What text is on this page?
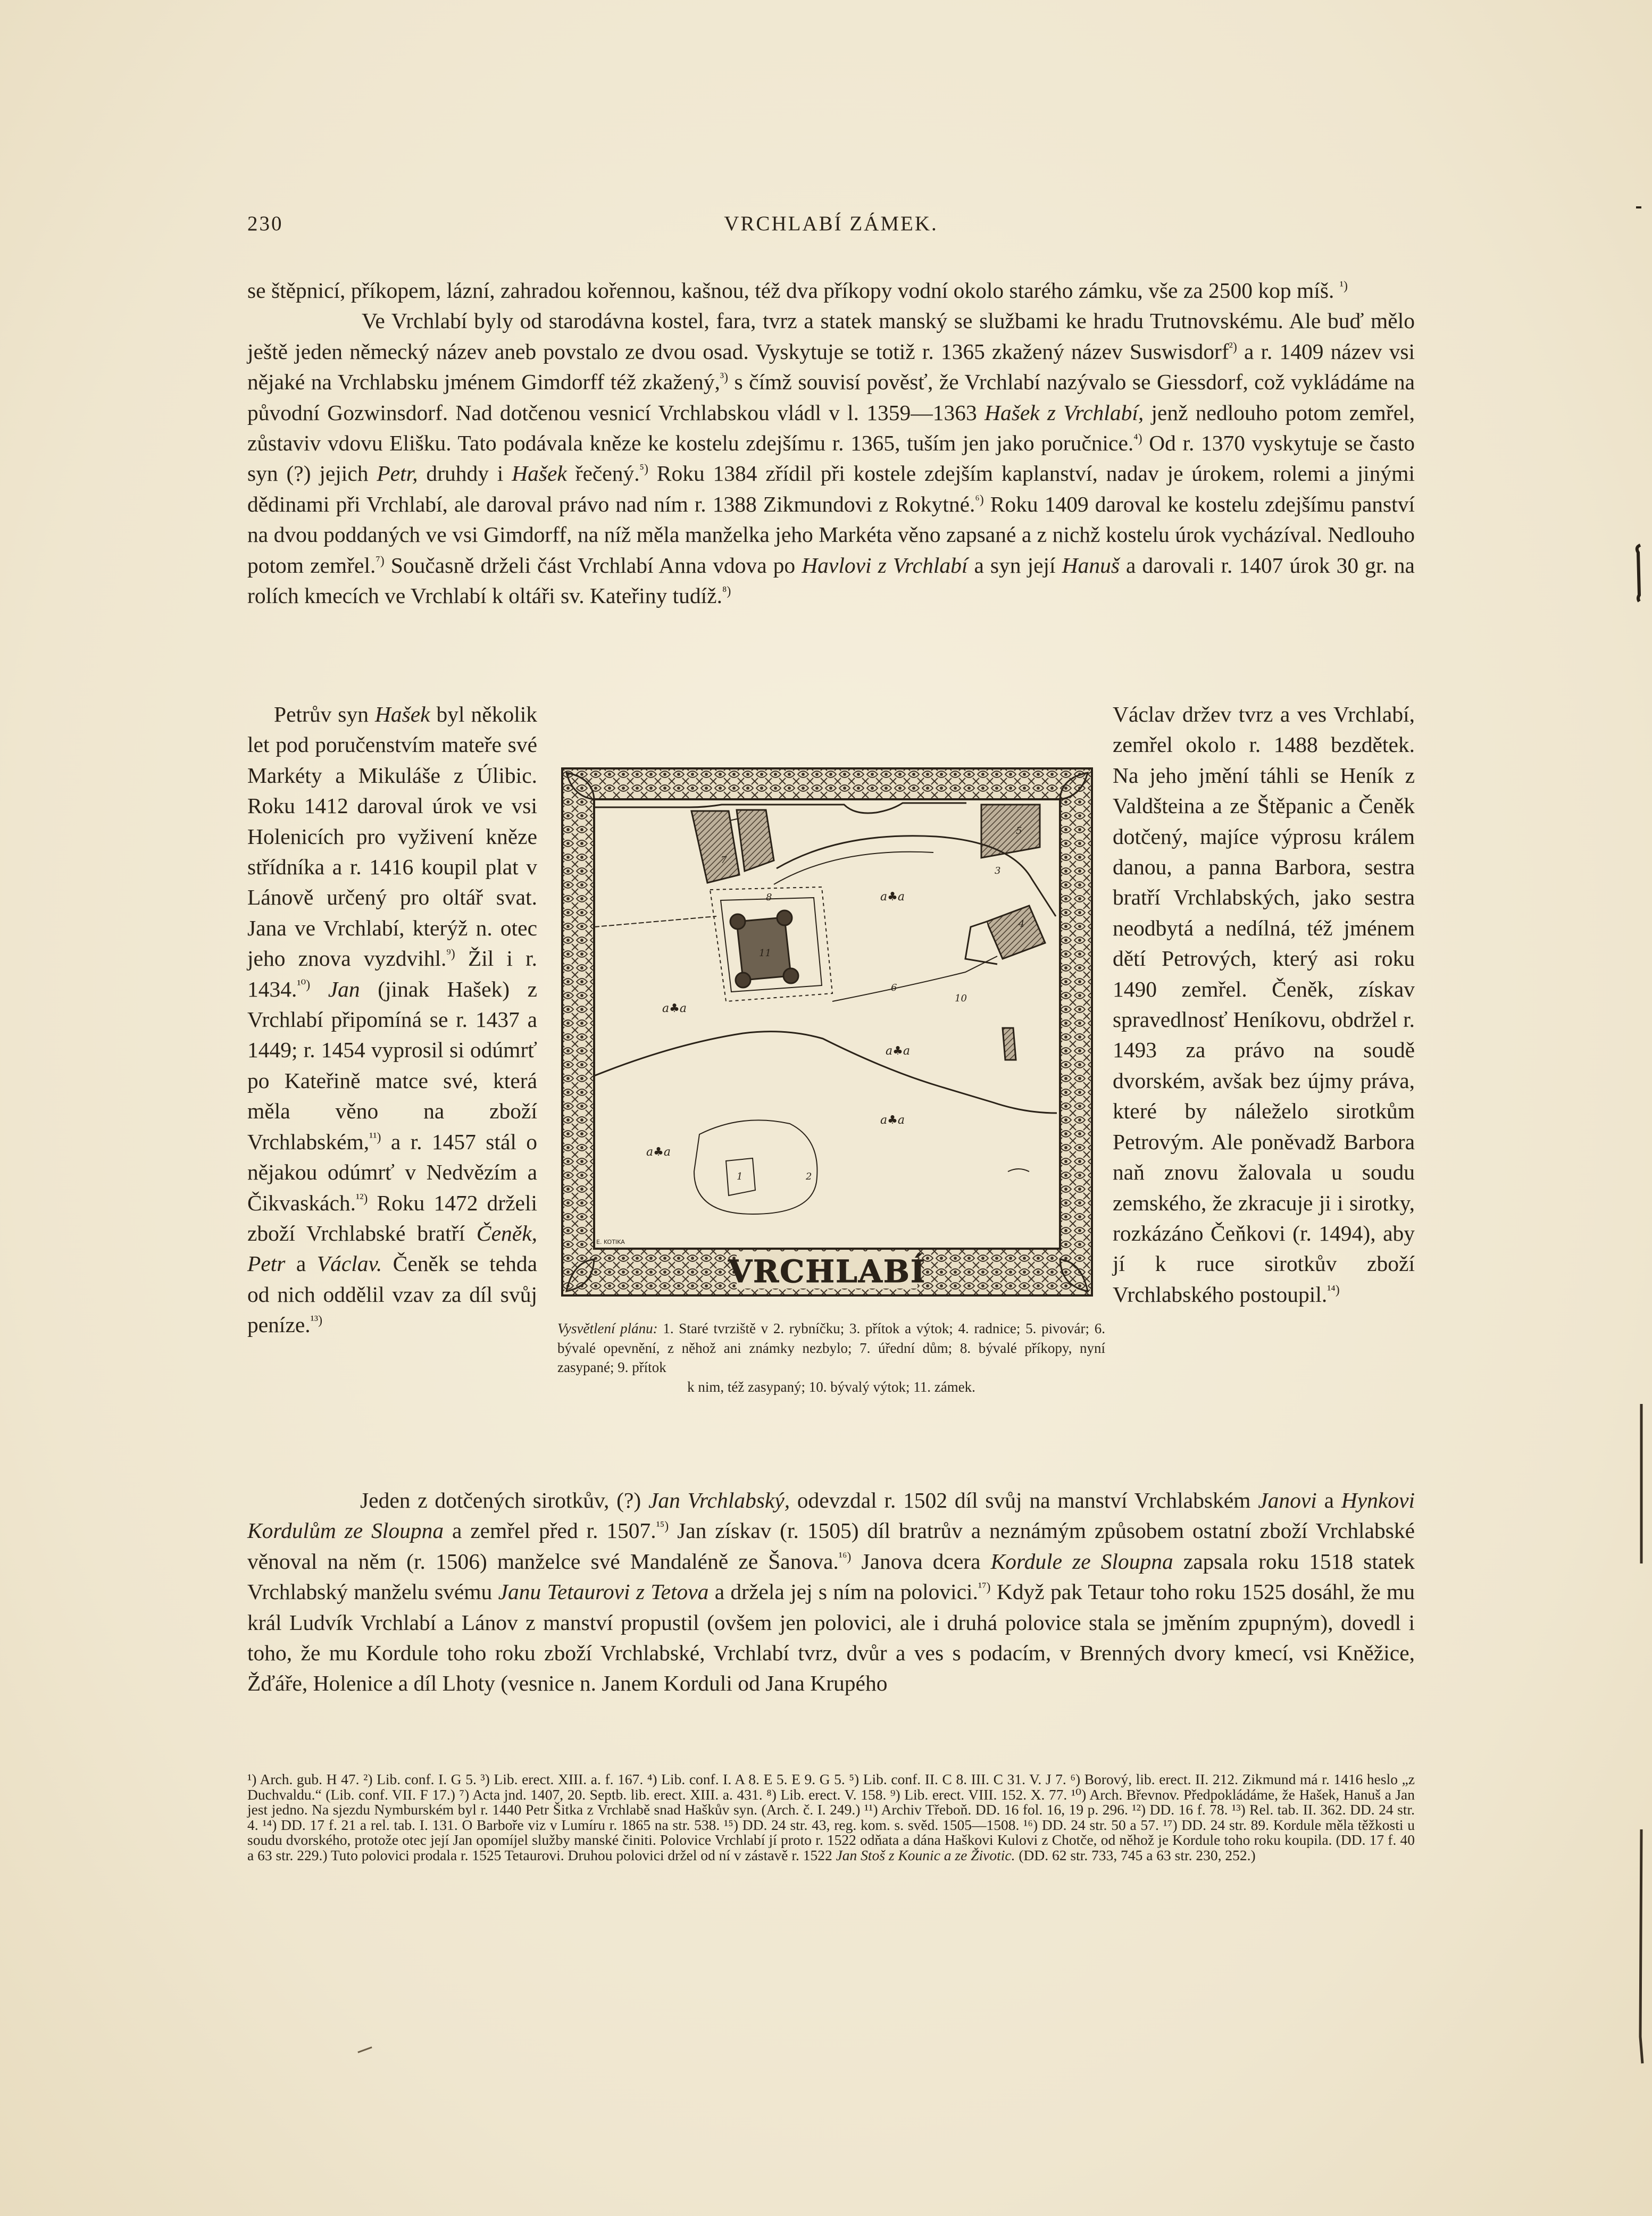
230	VRCHLABÍ ZÁMEK.
se štěpnicí, příkopem, lázní, zahradou kořennou, kašnou, též dva příkopy vodní okolo starého zámku, vše za 2500 kop míš. $^{^1)}$
Ve Vrchlabí byly od starodávna kostel, fara, tvrz a statek manský se službami ke hradu Trutnovskému. Ale buď mělo ještě jeden německý název aneb povstalo ze dvou osad. Vyskytuje se totiž r. 1365 zkažený název Suswisdorf$^{^2)}$ a r. 1409 název vsi nějaké na Vrchlabsku jménem Gimdorff též zkažený,$^{^3)}$ s čímž souvisí pověsť, že Vrchlabí nazývalo se Giessdorf, což vykládáme na původní Gozwinsdorf. Nad dotčenou vesnicí Vrchlabskou vládl v l. 1359—1363 Hašek z Vrchlabí, jenž nedlouho potom zemřel, zůstaviv vdovu Elišku. Tato podávala kněze ke kostelu zdejšímu r. 1365, tuším jen jako poručnice.$^{^4)}$ Od r. 1370 vyskytuje se často syn (?) jejich Petr, druhdy i Hašek řečený.$^{^5)}$ Roku 1384 zřídil při kostele zdejším kaplanství, nadav je úrokem, rolemi a jinými dědinami při Vrchlabí, ale daroval právo nad ním r. 1388 Zikmundovi z Rokytné.$^{^6)}$ Roku 1409 daroval ke kostelu zdejšímu panství na dvou poddaných ve vsi Gimdorff, na níž měla manželka jeho Markéta věno zapsané a z nichž kostelu úrok vycházíval. Nedlouho potom zemřel.$^{^7)}$ Současně drželi část Vrchlabí Anna vdova po Havlovi z Vrchlabí a syn její Hanuš a darovali r. 1407 úrok 30 gr. na rolích kmecích ve Vrchlabí k oltáři sv. Kateřiny tudíž.$^{^8)}$

Petrův syn Hašek byl několik let pod poručenstvím mateře své Markéty a Mikuláše z Úlibic. Roku 1412 daroval úrok ve vsi Holenicích pro vyživení kněze střídníka a r. 1416 koupil plat v Lánově určený pro oltář svat. Jana ve Vrchlabí, kterýž n. otec jeho znova vyzdvihl.$^{^9)}$ Žil i r. 1434.$^{^{10})}$ Jan (jinak Hašek) z Vrchlabí připomíná se r. 1437 a 1449; r. 1454 vyprosil si odúmrť po Kateřině matce své, která měla věno na zboží Vrchlabském,$^{^{11})}$ a r. 1457 stál o nějakou odúmrť v Nedvězím a Čikvaskách.$^{^{12})}$ Roku 1472 drželi zboží Vrchlabské bratří Čeněk, Petr a Václav. Čeněk se tehda od nich oddělil vzav za díl svůj peníze.$^{^{13})}$

Václav držev tvrz a ves Vrchlabí, zemřel okolo r. 1488 bezdětek. Na jeho jmění táhli se Heník z Valdšteina a ze Štěpanic a Čeněk dotčený, majíce výprosu králem danou, a panna Barbora, sestra bratří Vrchlabských, jako sestra neodbytá a nedílná, též jménem dětí Petrových, který asi roku 1490 zemřel. Čeněk, získav spravedlnosť Heníkovu, obdržel r. 1493 za právo na soudě dvorském, avšak bez újmy práva, které by náleželo sirotkům Petrovým. Ale poněvadž Barbora naň znovu žalovala u soudu zemského, že zkracuje ji i sirotky, rozkázáno Čeňkovi (r. 1494), aby jí k ruce sirotkův zboží Vrchlabského postoupil.$^{^{14})}$

1	2
3
4
5
6
7
8
10
11
a♣a
a♣a
a♣a
a♣a
a♣a
E. KOTIKA
VRCHLABÍ
Vysvětlení plánu: 1. Staré tvrziště v 2. rybníčku; 3. přítok a výtok; 4. radnice; 5. pivovár; 6. bývalé opevnění, z něhož ani známky nezbylo; 7. úřední dům; 8. bývalé příkopy, nyní zasypané; 9. přítok
k nim, též zasypaný; 10. bývalý výtok; 11. zámek.
Jeden z dotčených sirotkův, (?) Jan Vrchlabský, odevzdal r. 1502 díl svůj na manství Vrchlabském Janovi a Hynkovi Kordulům ze Sloupna a zemřel před r. 1507.$^{^{15})}$ Jan získav (r. 1505) díl bratrův a neznámým způsobem ostatní zboží Vrchlabské věnoval na něm (r. 1506) manželce své Mandaléně ze Šanova.$^{^{16})}$ Janova dcera Kordule ze Sloupna zapsala roku 1518 statek Vrchlabský manželu svému Janu Tetaurovi z Tetova a držela jej s ním na polovici.$^{^{17})}$ Když pak Tetaur toho roku 1525 dosáhl, že mu král Ludvík Vrchlabí a Lánov z manství propustil (ovšem jen polovici, ale i druhá polovice stala se jměním zpupným), dovedl i toho, že mu Kordule toho roku zboží Vrchlabské, Vrchlabí tvrz, dvůr a ves s podacím, v Brenných dvory kmecí, vsi Kněžice, Žďáře, Holenice a díl Lhoty (vesnice n. Janem Korduli od Jana Krupého
¹) Arch. gub. H 47. ²) Lib. conf. I. G 5. ³) Lib. erect. XIII. a. f. 167. ⁴) Lib. conf. I. A 8. E 5. E 9. G 5. ⁵) Lib. conf. II. C 8. III. C 31. V. J 7. ⁶) Borový, lib. erect. II. 212. Zikmund má r. 1416 heslo „z Duchvaldu.“ (Lib. conf. VII. F 17.) ⁷) Acta jnd. 1407, 20. Septb. lib. erect. XIII. a. 431. ⁸) Lib. erect. V. 158. ⁹) Lib. erect. VIII. 152. X. 77. ¹⁰) Arch. Břevnov. Předpokládáme, že Hašek, Hanuš a Jan jest jedno. Na sjezdu Nymburském byl r. 1440 Petr Šitka z Vrchlabě snad Haškův syn. (Arch. č. I. 249.) ¹¹) Archiv Třeboň. DD. 16 fol. 16, 19 p. 296. ¹²) DD. 16 f. 78. ¹³) Rel. tab. II. 362. DD. 24 str. 4. ¹⁴) DD. 17 f. 21 a rel. tab. I. 131. O Barboře viz v Lumíru r. 1865 na str. 538. ¹⁵) DD. 24 str. 43, reg. kom. s. svěd. 1505—1508. ¹⁶) DD. 24 str. 50 a 57. ¹⁷) DD. 24 str. 89. Kordule měla těžkosti u soudu dvorského, protože otec její Jan opomíjel služby manské činiti. Polovice Vrchlabí jí proto r. 1522 odňata a dána Haškovi Kulovi z Chotče, od něhož je Kordule toho roku koupila. (DD. 17 f. 40 a 63 str. 229.) Tuto polovici prodala r. 1525 Tetaurovi. Druhou polovici držel od ní v zástavě r. 1522 Jan Stoš z Kounic a ze Životic. (DD. 62 str. 733, 745 a 63 str. 230, 252.)
